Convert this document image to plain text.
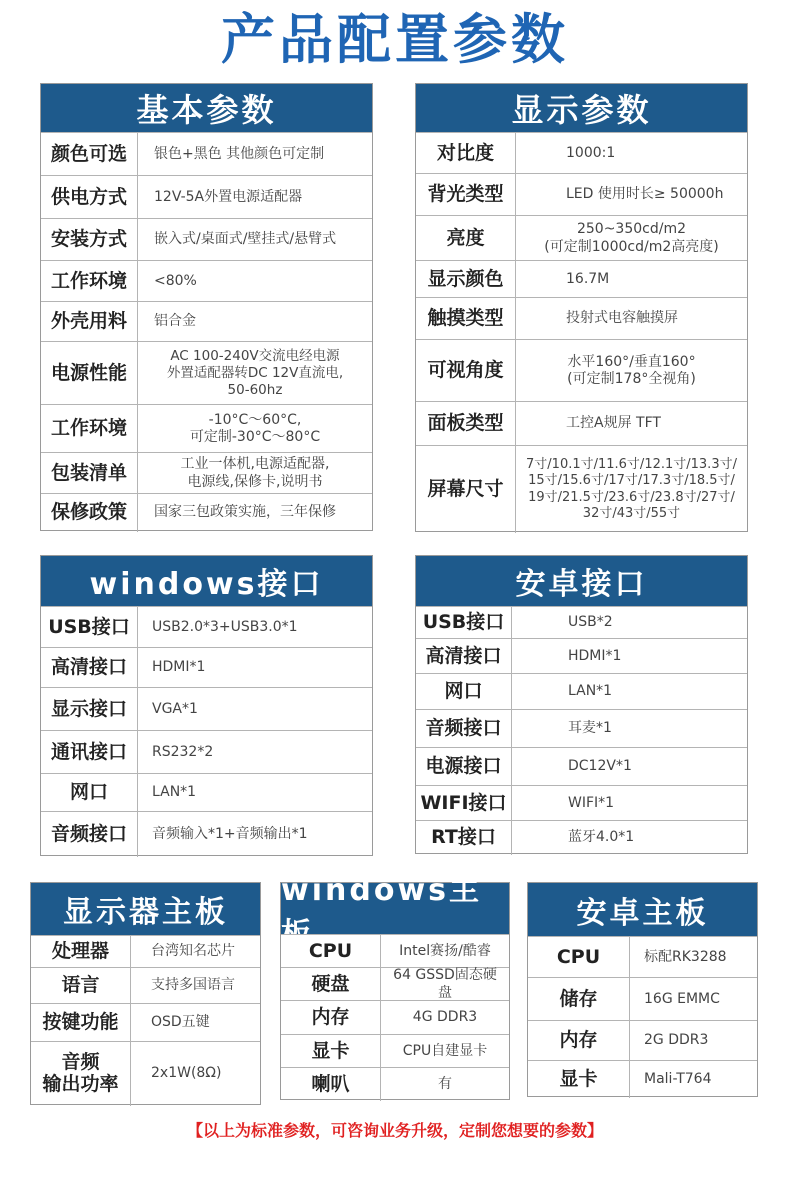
产品配置参数
基本参数
颜色可选	银色+黑色 其他颜色可定制
供电方式	12V-5A外置电源适配器
安装方式	嵌入式/桌面式/壁挂式/悬臂式
工作环境	<80%
外壳用料	铝合金
电源性能
AC 100-240V交流电经电源
外置适配器转DC 12V直流电,
50-60hz
工作环境	-10°C～60°C,
可定制-30°C～80°C
包装清单	工业一体机,电源适配器,
电源线,保修卡,说明书
保修政策	国家三包政策实施，三年保修
显示参数
对比度	1000:1
背光类型	LED 使用时长≥ 50000h
亮度	250~350cd/m2
(可定制1000cd/m2高亮度)
显示颜色	16.7M
触摸类型	投射式电容触摸屏
可视角度	水平160°/垂直160°
(可定制178°全视角)
面板类型	工控A规屏 TFT
屏幕尺寸
7寸/10.1寸/11.6寸/12.1寸/13.3寸/
15寸/15.6寸/17寸/17.3寸/18.5寸/
19寸/21.5寸/23.6寸/23.8寸/27寸/
32寸/43寸/55寸
windows接口
USB接口	USB2.0*3+USB3.0*1
高清接口	HDMI*1
显示接口	VGA*1
通讯接口	RS232*2
网口	LAN*1
音频接口	音频输入*1+音频输出*1
安卓接口
USB接口	USB*2
高清接口	HDMI*1
网口	LAN*1
音频接口	耳麦*1
电源接口	DC12V*1
WIFI接口	WIFI*1
RT接口	蓝牙4.0*1
显示器主板
处理器	台湾知名芯片
语言	支持多国语言
按键功能	OSD五键
音频
输出功率	2x1W(8Ω)
windows主板
CPU	Intel赛扬/酷睿
硬盘	64 GSSD固态硬盘
内存	4G DDR3
显卡	CPU自建显卡
喇叭	有
安卓主板
CPU	标配RK3288
储存	16G EMMC
内存	2G DDR3
显卡	Mali-T764
【以上为标准参数，可咨询业务升级，定制您想要的参数】
